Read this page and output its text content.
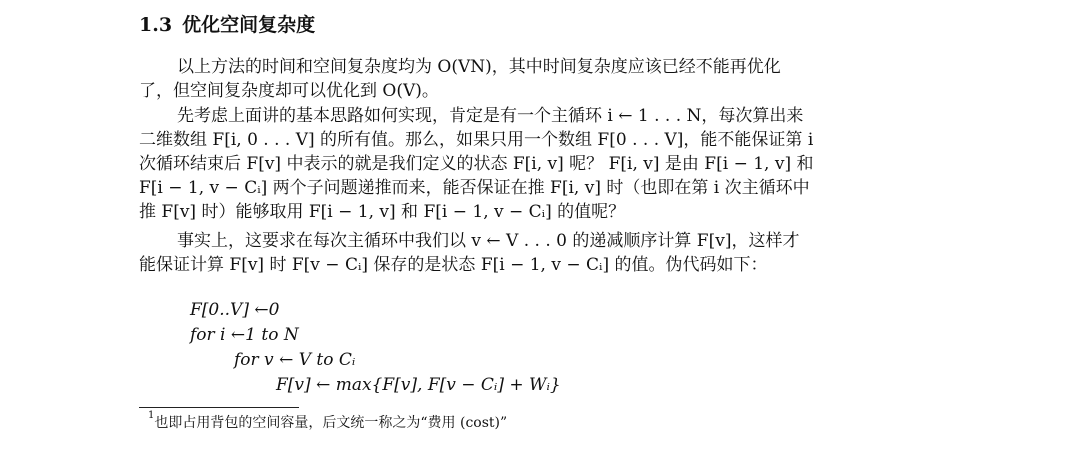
1.3 优化空间复杂度

以上方法的时间和空间复杂度均为 O(VN)，其中时间复杂度应该已经不能再优化
了，但空间复杂度却可以优化到 O(V)。

先考虑上面讲的基本思路如何实现，肯定是有一个主循环 i ← 1 . . . N，每次算出来
二维数组 F[i, 0 . . . V] 的所有值。那么，如果只用一个数组 F[0 . . . V]，能不能保证第 i
次循环结束后 F[v] 中表示的就是我们定义的状态 F[i, v] 呢？ F[i, v] 是由 F[i − 1, v] 和
F[i − 1, v − Cᵢ] 两个子问题递推而来，能否保证在推 F[i, v] 时（也即在第 i 次主循环中
推 F[v] 时）能够取用 F[i − 1, v] 和 F[i − 1, v − Cᵢ] 的值呢？

事实上，这要求在每次主循环中我们以 v ← V . . . 0 的递减顺序计算 F[v]，这样才
能保证计算 F[v] 时 F[v − Cᵢ] 保存的是状态 F[i − 1, v − Cᵢ] 的值。伪代码如下：

F[0..V] ←0
for i ←1 to N
for v ← V to Cᵢ
F[v] ← max{F[v], F[v − Cᵢ] + Wᵢ}
$^1$也即占用背包的空间容量，后文统一称之为“费用 (cost)”
